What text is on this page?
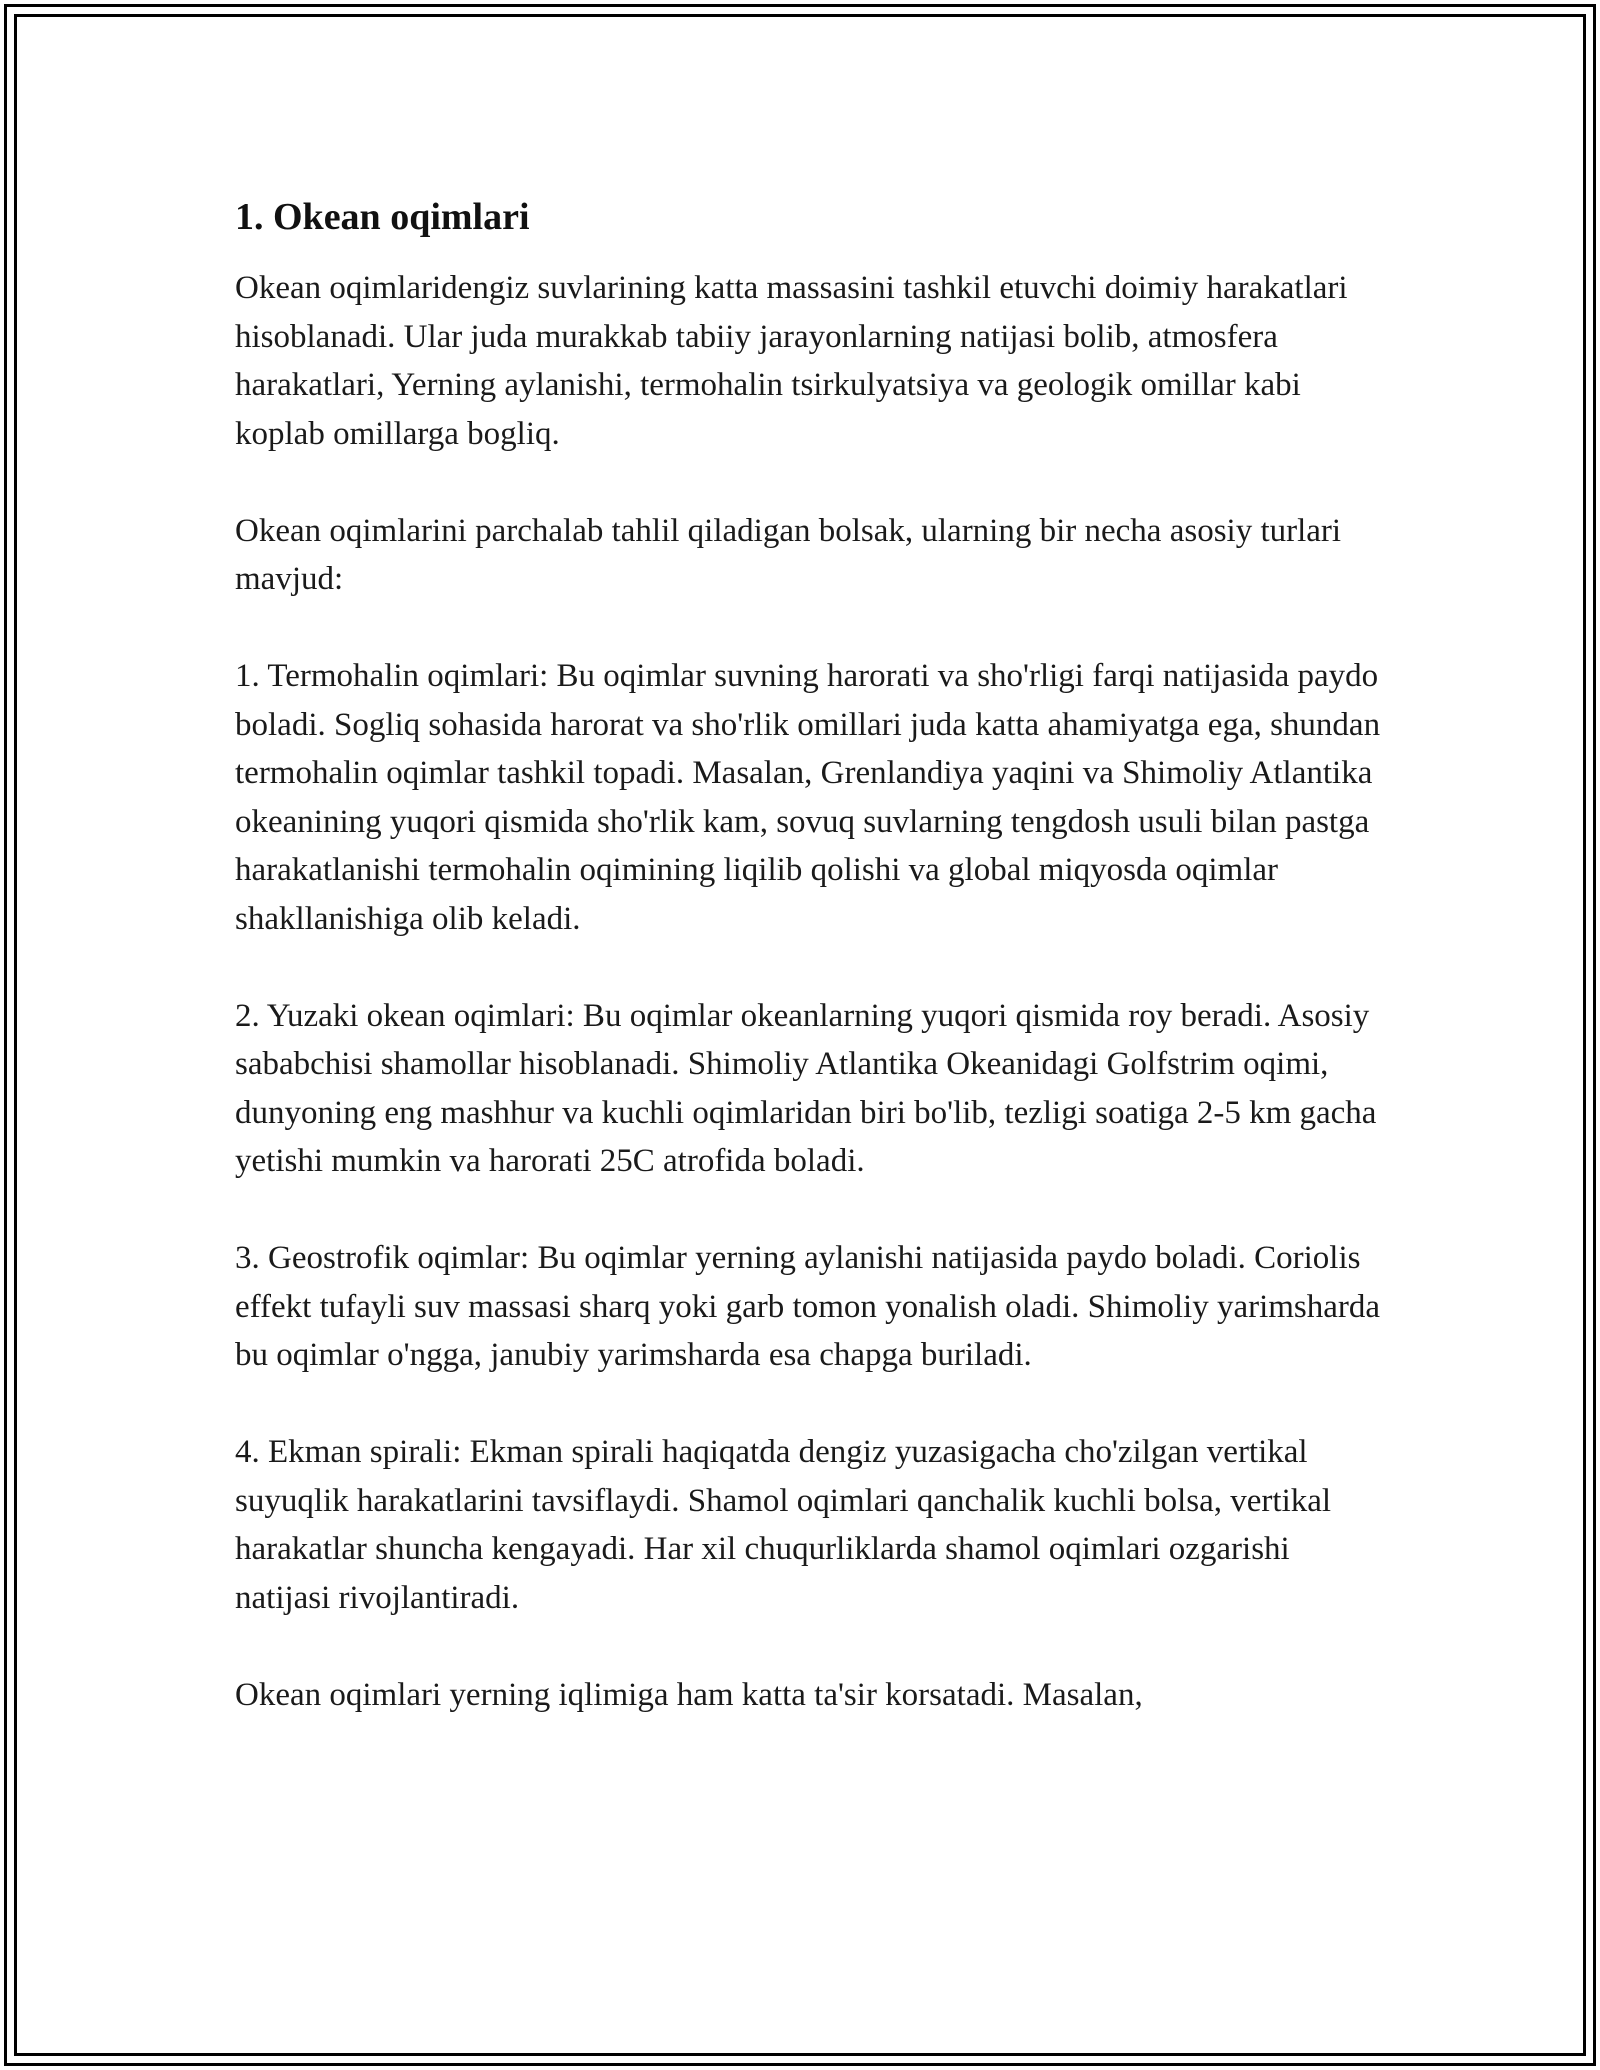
1. Okean oqimlari

Okean oqimlaridengiz suvlarining katta massasini tashkil etuvchi doimiy harakatlari hisoblanadi. Ular juda murakkab tabiiy jarayonlarning natijasi bolib, atmosfera harakatlari, Yerning aylanishi, termohalin tsirkulyatsiya va geologik omillar kabi koplab omillarga bogliq.

Okean oqimlarini parchalab tahlil qiladigan bolsak, ularning bir necha asosiy turlari mavjud:

1. Termohalin oqimlari: Bu oqimlar suvning harorati va sho'rligi farqi natijasida paydo boladi. Sogliq sohasida harorat va sho'rlik omillari juda katta ahamiyatga ega, shundan termohalin oqimlar tashkil topadi. Masalan, Grenlandiya yaqini va Shimoliy Atlantika okeanining yuqori qismida sho'rlik kam, sovuq suvlarning tengdosh usuli bilan pastga harakatlanishi termohalin oqimining liqilib qolishi va global miqyosda oqimlar shakllanishiga olib keladi.

2. Yuzaki okean oqimlari: Bu oqimlar okeanlarning yuqori qismida roy beradi. Asosiy sababchisi shamollar hisoblanadi. Shimoliy Atlantika Okeanidagi Golfstrim oqimi, dunyoning eng mashhur va kuchli oqimlaridan biri bo'lib, tezligi soatiga 2-5 km gacha yetishi mumkin va harorati 25C atrofida boladi.

3. Geostrofik oqimlar: Bu oqimlar yerning aylanishi natijasida paydo boladi. Coriolis effekt tufayli suv massasi sharq yoki garb tomon yonalish oladi. Shimoliy yarimsharda bu oqimlar o'ngga, janubiy yarimsharda esa chapga buriladi.

4. Ekman spirali: Ekman spirali haqiqatda dengiz yuzasigacha cho'zilgan vertikal suyuqlik harakatlarini tavsiflaydi. Shamol oqimlari qanchalik kuchli bolsa, vertikal harakatlar shuncha kengayadi. Har xil chuqurliklarda shamol oqimlari ozgarishi natijasi rivojlantiradi.

Okean oqimlari yerning iqlimiga ham katta ta'sir korsatadi. Masalan,
